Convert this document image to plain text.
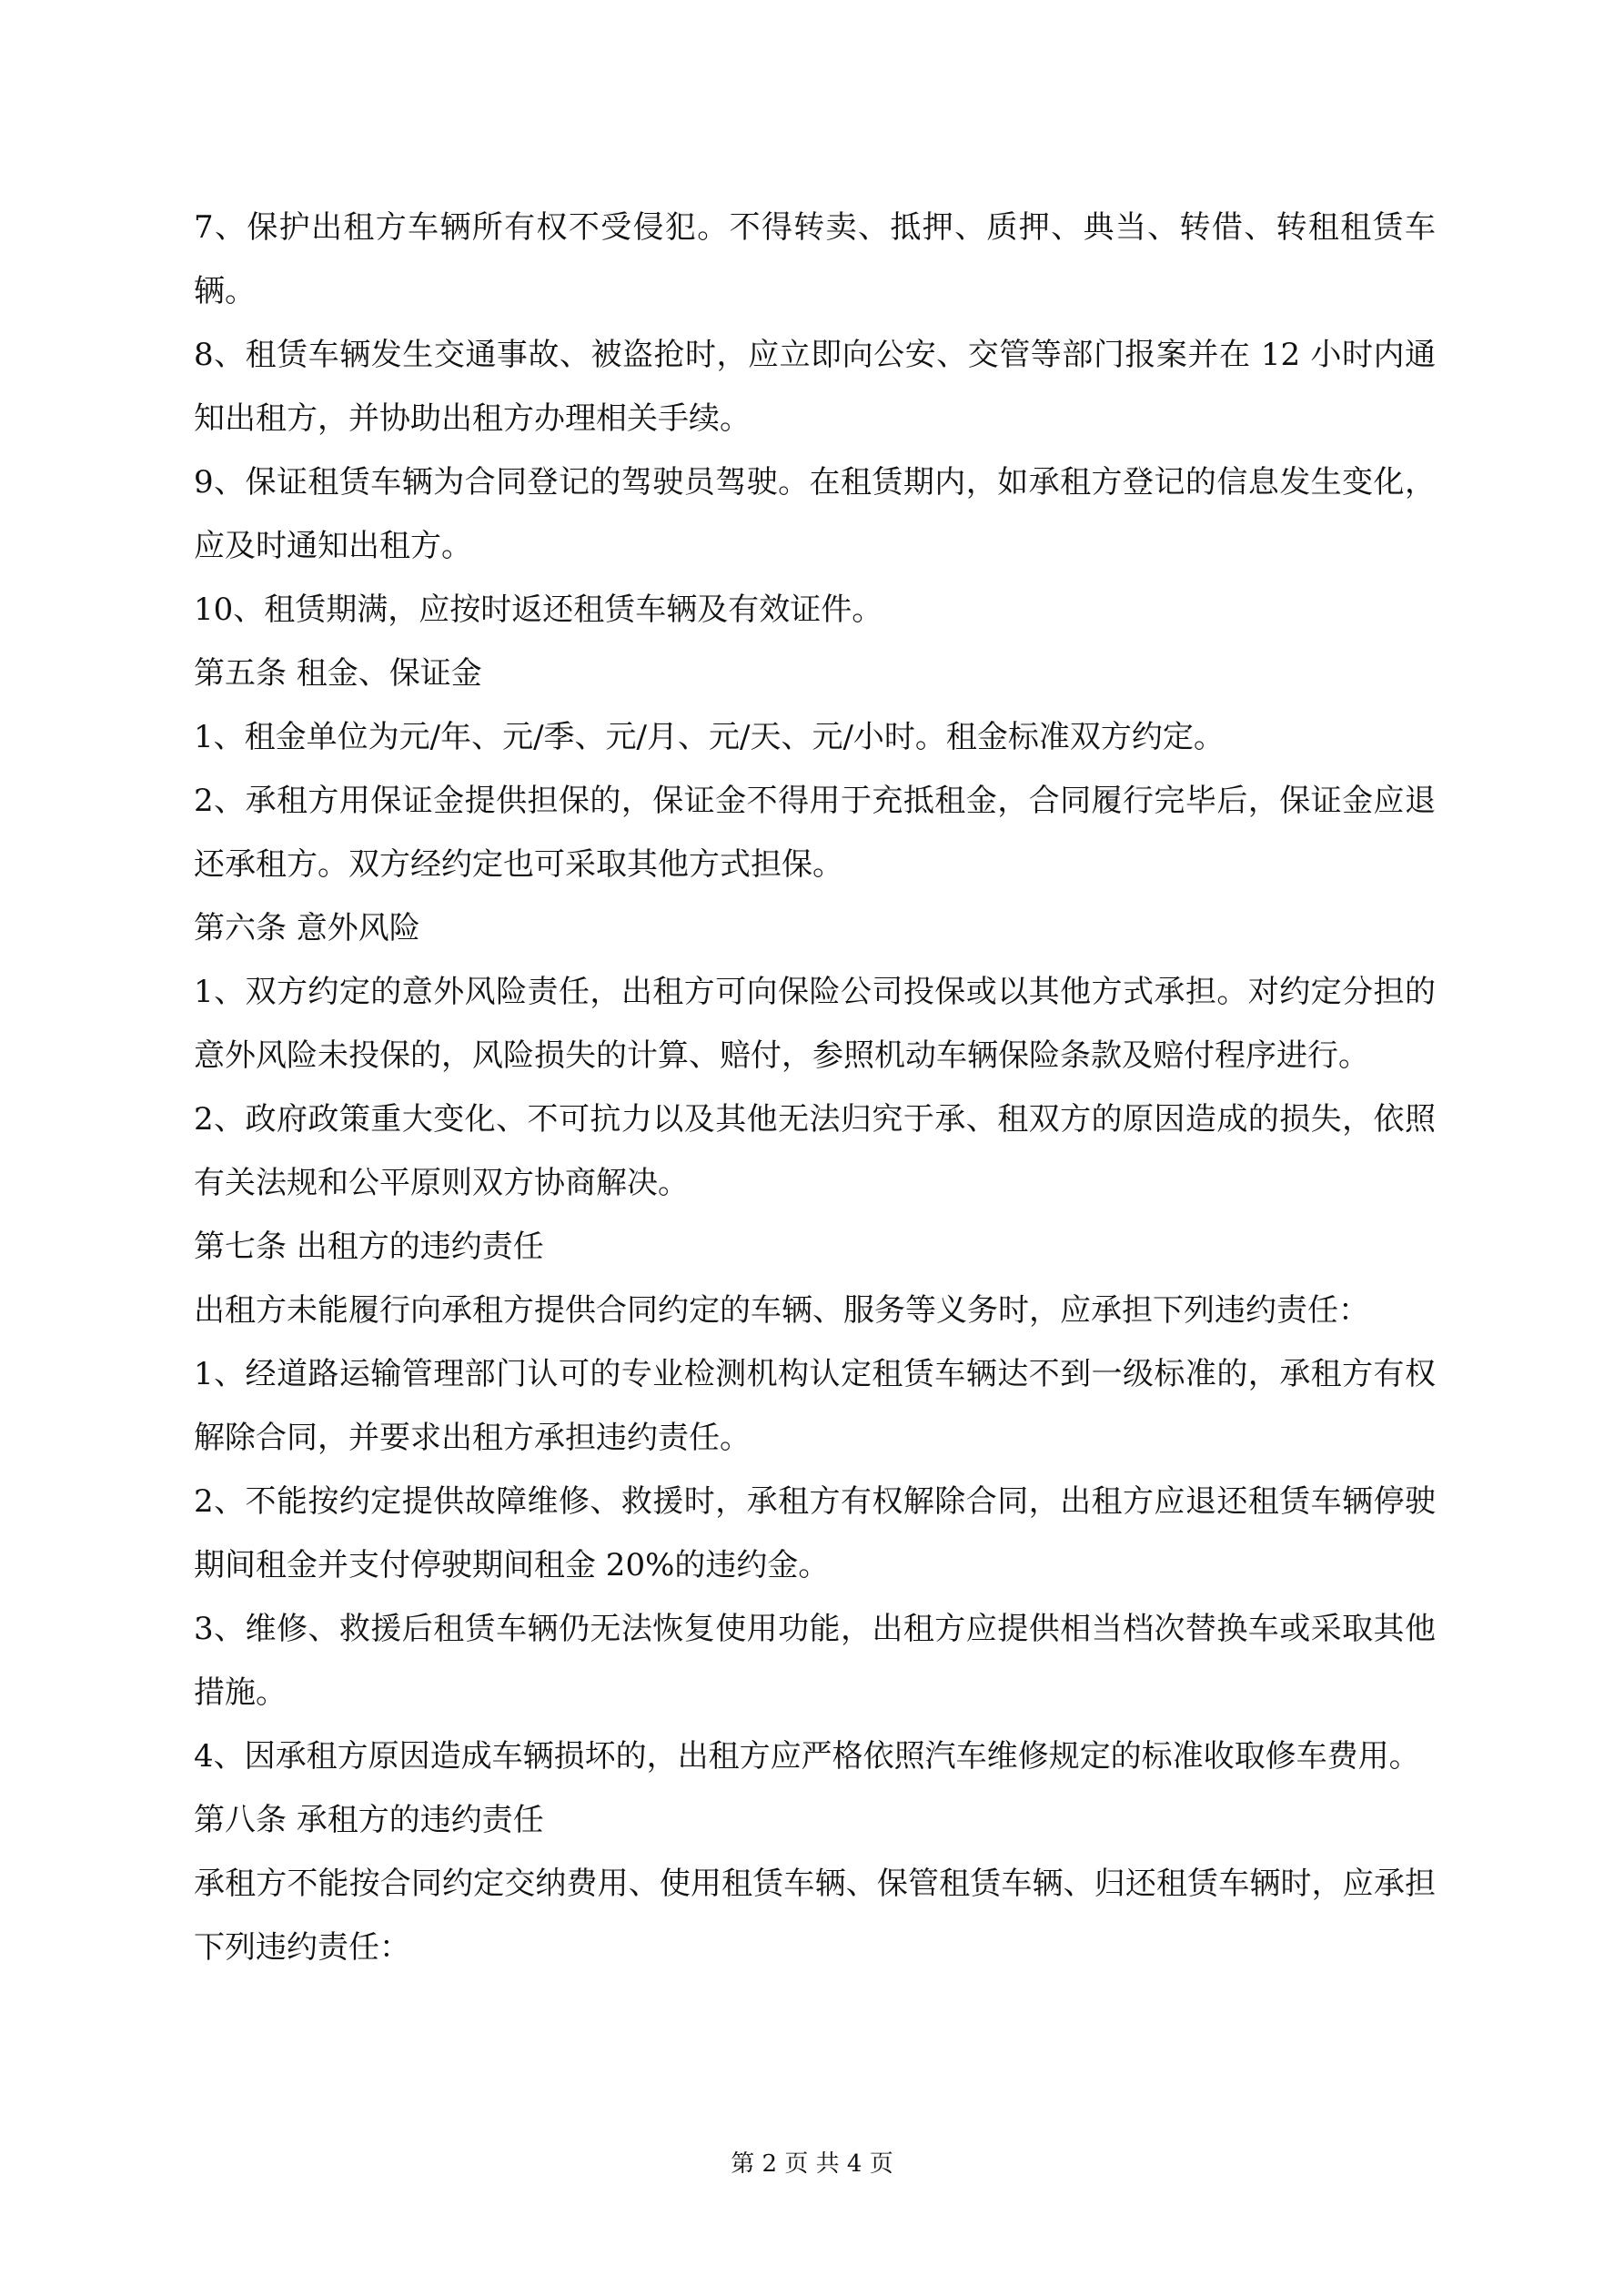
7、保护出租方车辆所有权不受侵犯。不得转卖、抵押、质押、典当、转借、转租租赁车辆。

8、租赁车辆发生交通事故、被盗抢时，应立即向公安、交管等部门报案并在 12 小时内通知出租方，并协助出租方办理相关手续。

9、保证租赁车辆为合同登记的驾驶员驾驶。在租赁期内，如承租方登记的信息发生变化，应及时通知出租方。

10、租赁期满，应按时返还租赁车辆及有效证件。

第五条 租金、保证金

1、租金单位为元/年、元/季、元/月、元/天、元/小时。租金标准双方约定。

2、承租方用保证金提供担保的，保证金不得用于充抵租金，合同履行完毕后，保证金应退还承租方。双方经约定也可采取其他方式担保。

第六条 意外风险

1、双方约定的意外风险责任，出租方可向保险公司投保或以其他方式承担。对约定分担的意外风险未投保的，风险损失的计算、赔付，参照机动车辆保险条款及赔付程序进行。

2、政府政策重大变化、不可抗力以及其他无法归究于承、租双方的原因造成的损失，依照有关法规和公平原则双方协商解决。

第七条 出租方的违约责任

出租方未能履行向承租方提供合同约定的车辆、服务等义务时，应承担下列违约责任：

1、经道路运输管理部门认可的专业检测机构认定租赁车辆达不到一级标准的，承租方有权解除合同，并要求出租方承担违约责任。

2、不能按约定提供故障维修、救援时，承租方有权解除合同，出租方应退还租赁车辆停驶期间租金并支付停驶期间租金 20%的违约金。

3、维修、救援后租赁车辆仍无法恢复使用功能，出租方应提供相当档次替换车或采取其他措施。

4、因承租方原因造成车辆损坏的，出租方应严格依照汽车维修规定的标准收取修车费用。

第八条 承租方的违约责任

承租方不能按合同约定交纳费用、使用租赁车辆、保管租赁车辆、归还租赁车辆时，应承担下列违约责任：

第 2 页 共 4 页
